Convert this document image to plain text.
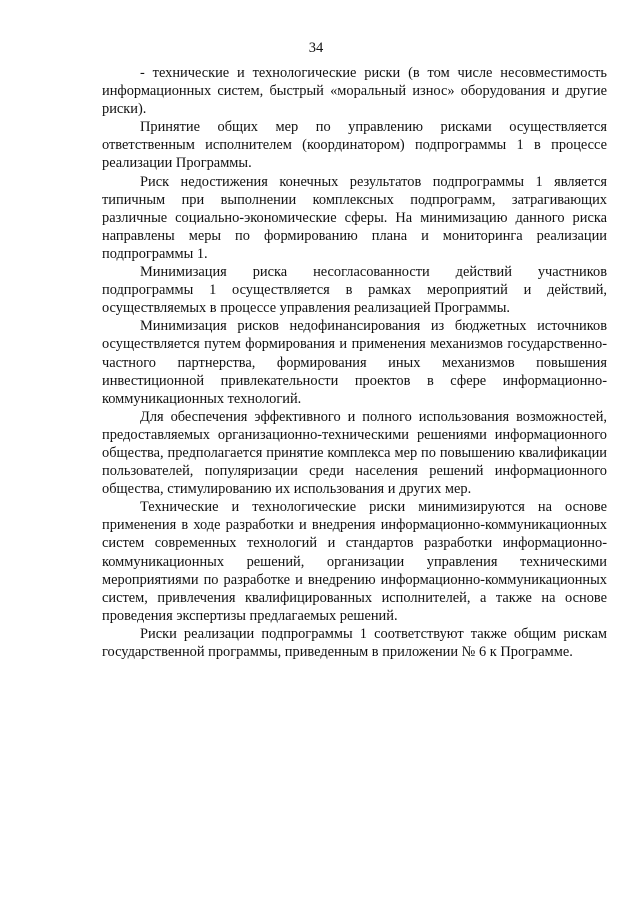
34

- технические и технологические риски (в том числе несовместимость информационных систем, быстрый «моральный износ» оборудования и другие риски).

Принятие общих мер по управлению рисками осуществляется ответственным исполнителем (координатором) подпрограммы 1 в процессе реализации Программы.

Риск недостижения конечных результатов подпрограммы 1 является типичным при выполнении комплексных подпрограмм, затрагивающих различные социально-экономические сферы. На минимизацию данного риска направлены меры по формированию плана и мониторинга реализации подпрограммы 1.

Минимизация риска несогласованности действий участников подпрограммы 1 осуществляется в рамках мероприятий и действий, осуществляемых в процессе управления реализацией Программы.

Минимизация рисков недофинансирования из бюджетных источников осуществляется путем формирования и применения механизмов государственно-частного партнерства, формирования иных механизмов повышения инвестиционной привлекательности проектов в сфере информационно-коммуникационных технологий.

Для обеспечения эффективного и полного использования возможностей, предоставляемых организационно-техническими решениями информационного общества, предполагается принятие комплекса мер по повышению квалификации пользователей, популяризации среди населения решений информационного общества, стимулированию их использования и других мер.

Технические и технологические риски минимизируются на основе применения в ходе разработки и внедрения информационно-коммуникационных систем современных технологий и стандартов разработки информационно-коммуникационных решений, организации управления техническими мероприятиями по разработке и внедрению информационно-коммуникационных систем, привлечения квалифицированных исполнителей, а также на основе проведения экспертизы предлагаемых решений.

Риски реализации подпрограммы 1 соответствуют также общим рискам государственной программы, приведенным в приложении № 6 к Программе.
